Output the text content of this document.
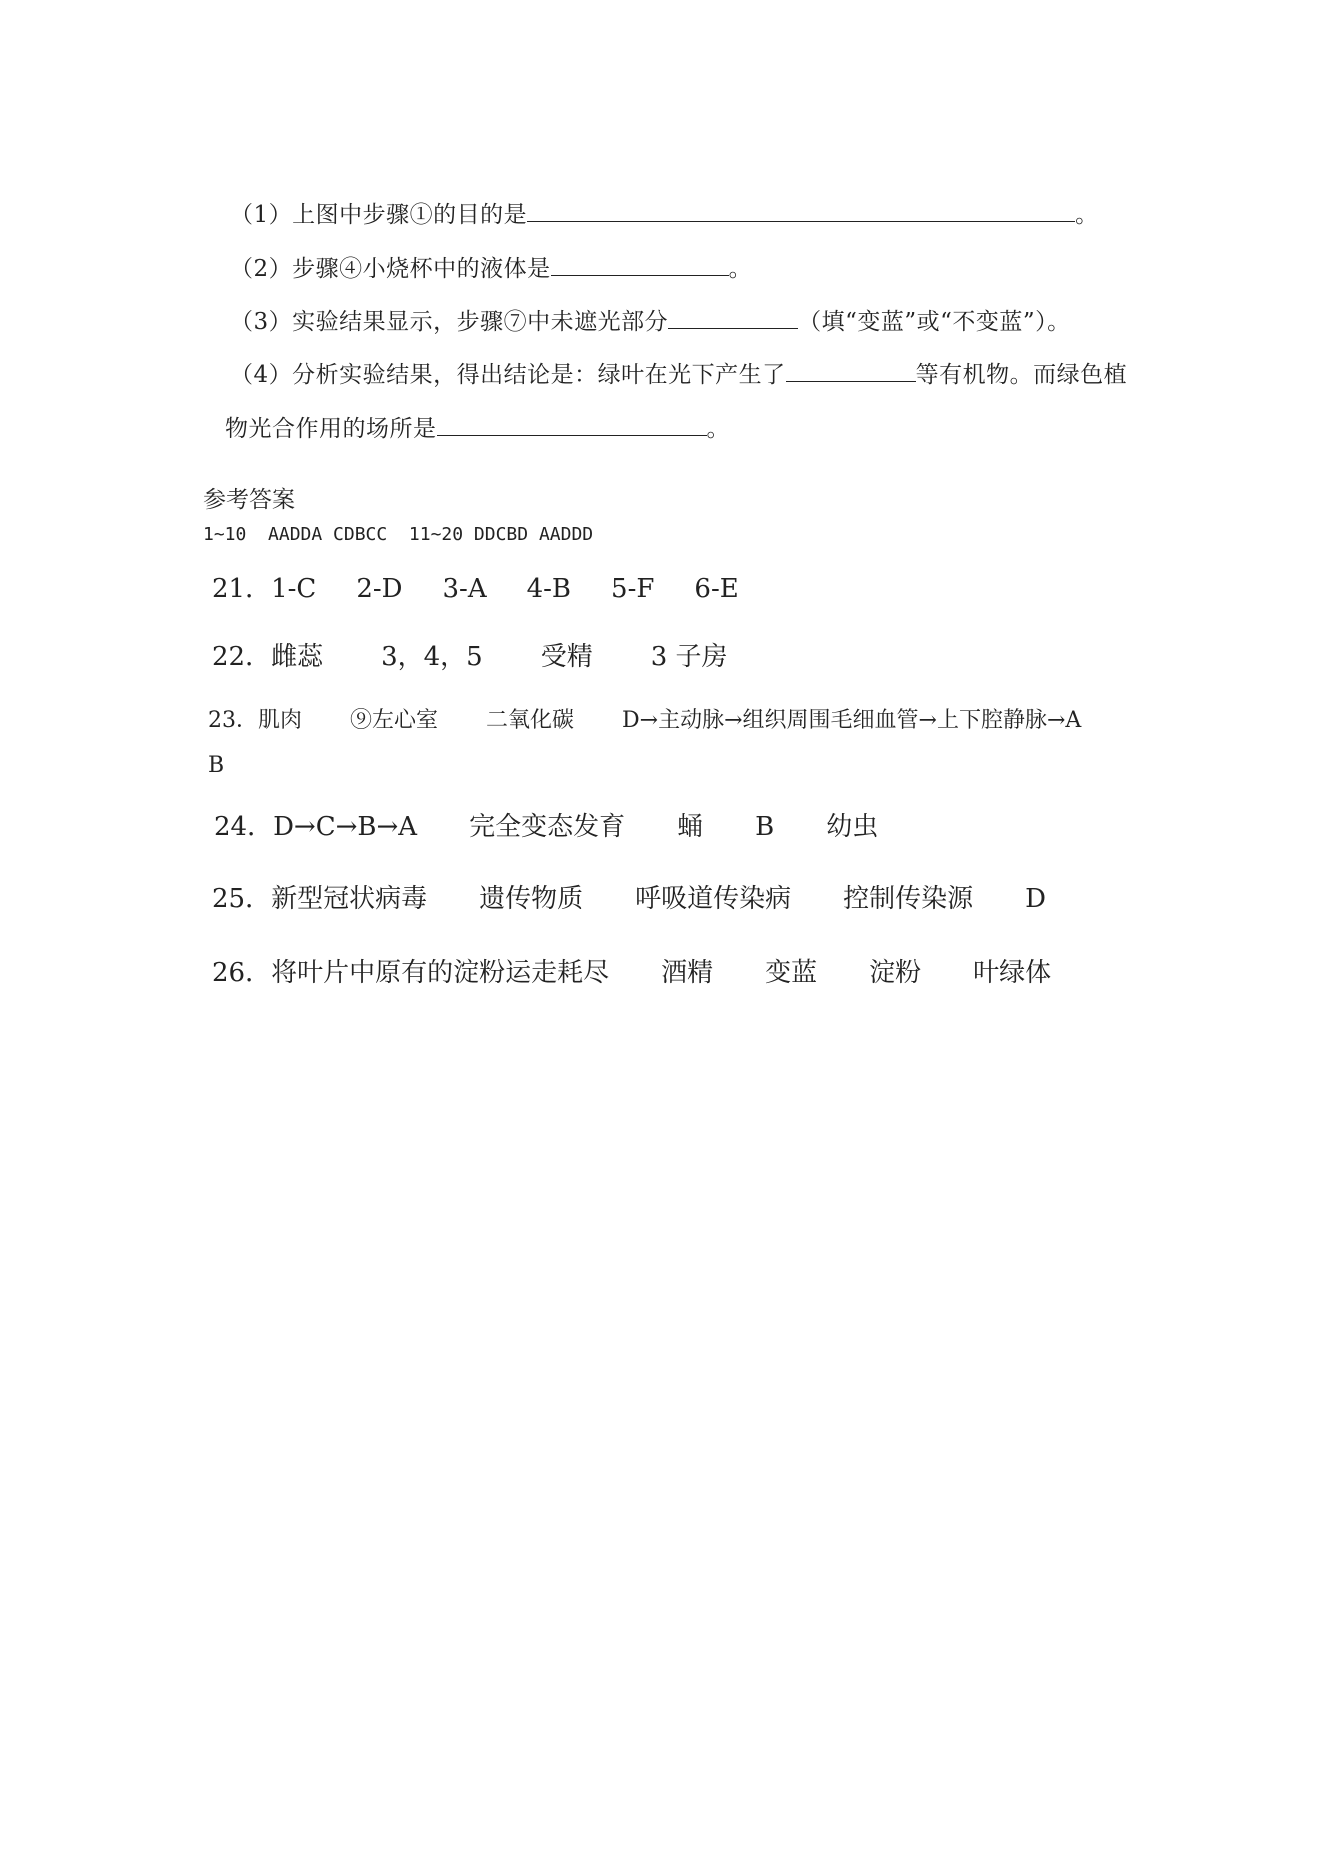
（1）上图中步骤①的目的是	。
（2）步骤④小烧杯中的液体是	。
（3）实验结果显示，步骤⑦中未遮光部分	（填“变蓝”或“不变蓝”）。
（4）分析实验结果，得出结论是：绿叶在光下产生了	等有机物。而绿色植
物光合作用的场所是	。
参考答案
1~10  AADDA CDBCC  11~20 DDCBD AADDD
21．1-C 2-D 3-A 4-B 5-F 6-E
22．雌蕊 3，4，5 受精 3 子房
23．肌肉 ⑨左心室 二氧化碳 D→主动脉→组织周围毛细血管→上下腔静脉→A
B
24．D→C→B→A 完全变态发育 蛹 B 幼虫
25．新型冠状病毒 遗传物质 呼吸道传染病 控制传染源 D
26．将叶片中原有的淀粉运走耗尽 酒精 变蓝 淀粉 叶绿体
